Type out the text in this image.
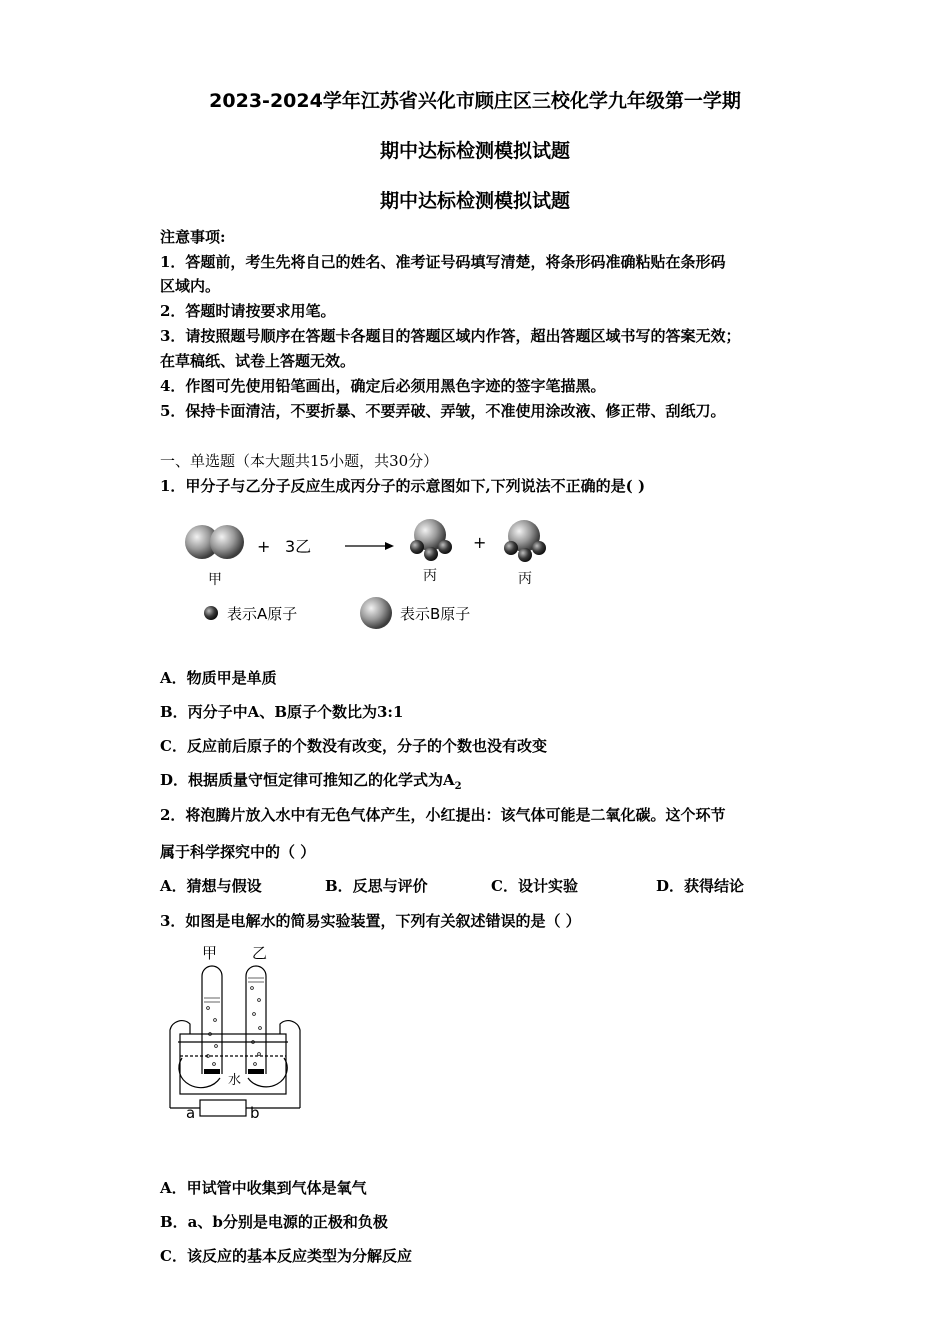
2023-2024学年江苏省兴化市顾庄区三校化学九年级第一学期
期中达标检测模拟试题
期中达标检测模拟试题
注意事项:
1．答题前，考生先将自己的姓名、准考证号码填写清楚，将条形码准确粘贴在条形码
区域内。
2．答题时请按要求用笔。
3．请按照题号顺序在答题卡各题目的答题区域内作答，超出答题区域书写的答案无效；
在草稿纸、试卷上答题无效。
4．作图可先使用铅笔画出，确定后必须用黑色字迹的签字笔描黑。
5．保持卡面清洁，不要折暴、不要弄破、弄皱，不准使用涂改液、修正带、刮纸刀。
一、单选题（本大题共15小题，共30分）
1．甲分子与乙分子反应生成丙分子的示意图如下,下列说法不正确的是( )
+ 3乙	+
甲	丙	丙
表示A原子	表示B原子
A．物质甲是单质
B．丙分子中A、B原子个数比为3:1
C．反应前后原子的个数没有改变，分子的个数也没有改变
D．根据质量守恒定律可推知乙的化学式为$A_2$
2．将泡腾片放入水中有无色气体产生，小红提出：该气体可能是二氧化碳。这个环节
属于科学探究中的（ ）
A．猜想与假设	B．反思与评价	C．设计实验	D．获得结论
3．如图是电解水的简易实验装置，下列有关叙述错误的是（ ）
甲 乙
水
a	b
A．甲试管中收集到气体是氧气
B．a、b分别是电源的正极和负极
C．该反应的基本反应类型为分解反应
